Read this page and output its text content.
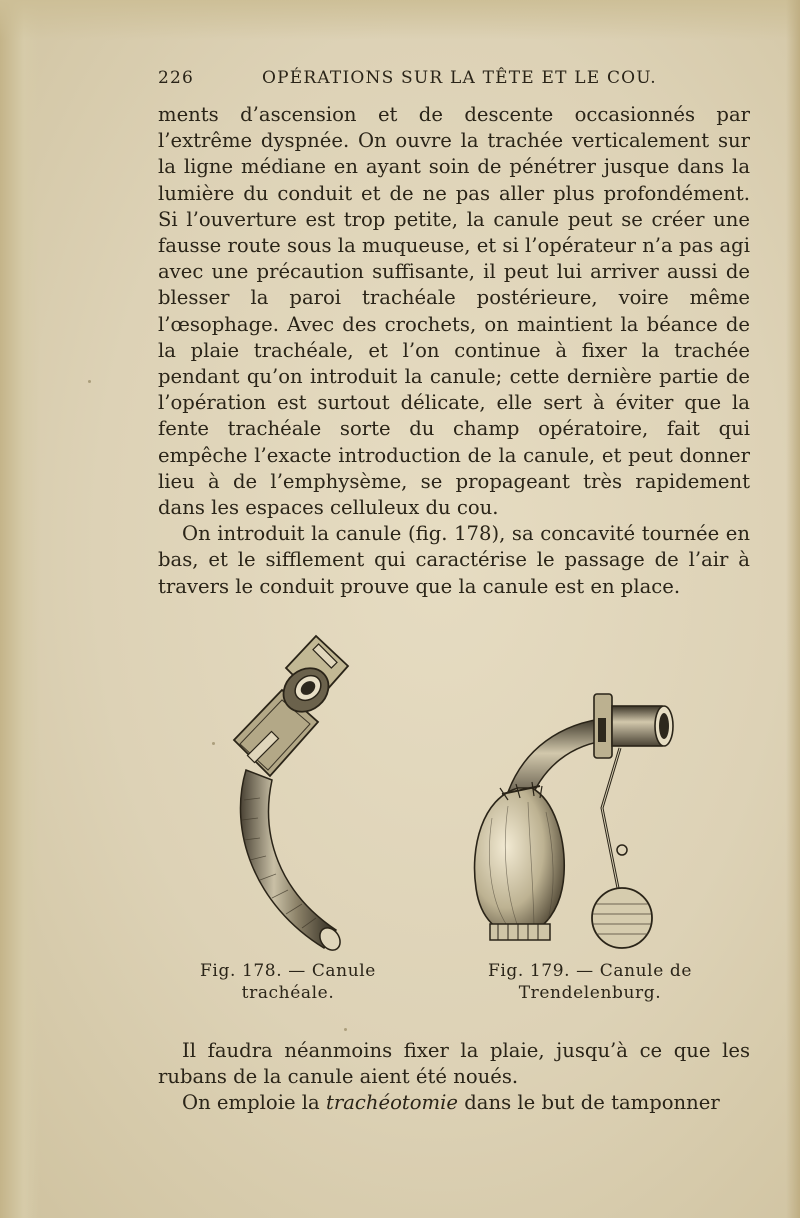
226	OPÉRATIONS SUR LA TÊTE ET LE COU.

ments d’ascension et de descente occasionnés par l’extrême dyspnée. On ouvre la trachée verticalement sur la ligne médiane en ayant soin de pénétrer jusque dans la lumière du conduit et de ne pas aller plus profondément. Si l’ouverture est trop petite, la canule peut se créer une fausse route sous la muqueuse, et si l’opérateur n’a pas agi avec une précaution suffisante, il peut lui arriver aussi de blesser la paroi trachéale postérieure, voire même l’œsophage. Avec des crochets, on maintient la béance de la plaie trachéale, et l’on continue à fixer la trachée pendant qu’on introduit la canule; cette dernière partie de l’opération est surtout délicate, elle sert à éviter que la fente trachéale sorte du champ opératoire, fait qui empêche l’exacte introduction de la canule, et peut donner lieu à de l’emphysème, se propageant très rapidement dans les espaces celluleux du cou.

On introduit la canule (fig. 178), sa concavité tournée en bas, et le sifflement qui caractérise le passage de l’air à travers le conduit prouve que la canule est en place.

Fig. 178. — Canule
trachéale.
Fig. 179. — Canule de
Trendelenburg.

Il faudra néanmoins fixer la plaie, jusqu’à ce que les rubans de la canule aient été noués.

On emploie la trachéotomie dans le but de tamponner
